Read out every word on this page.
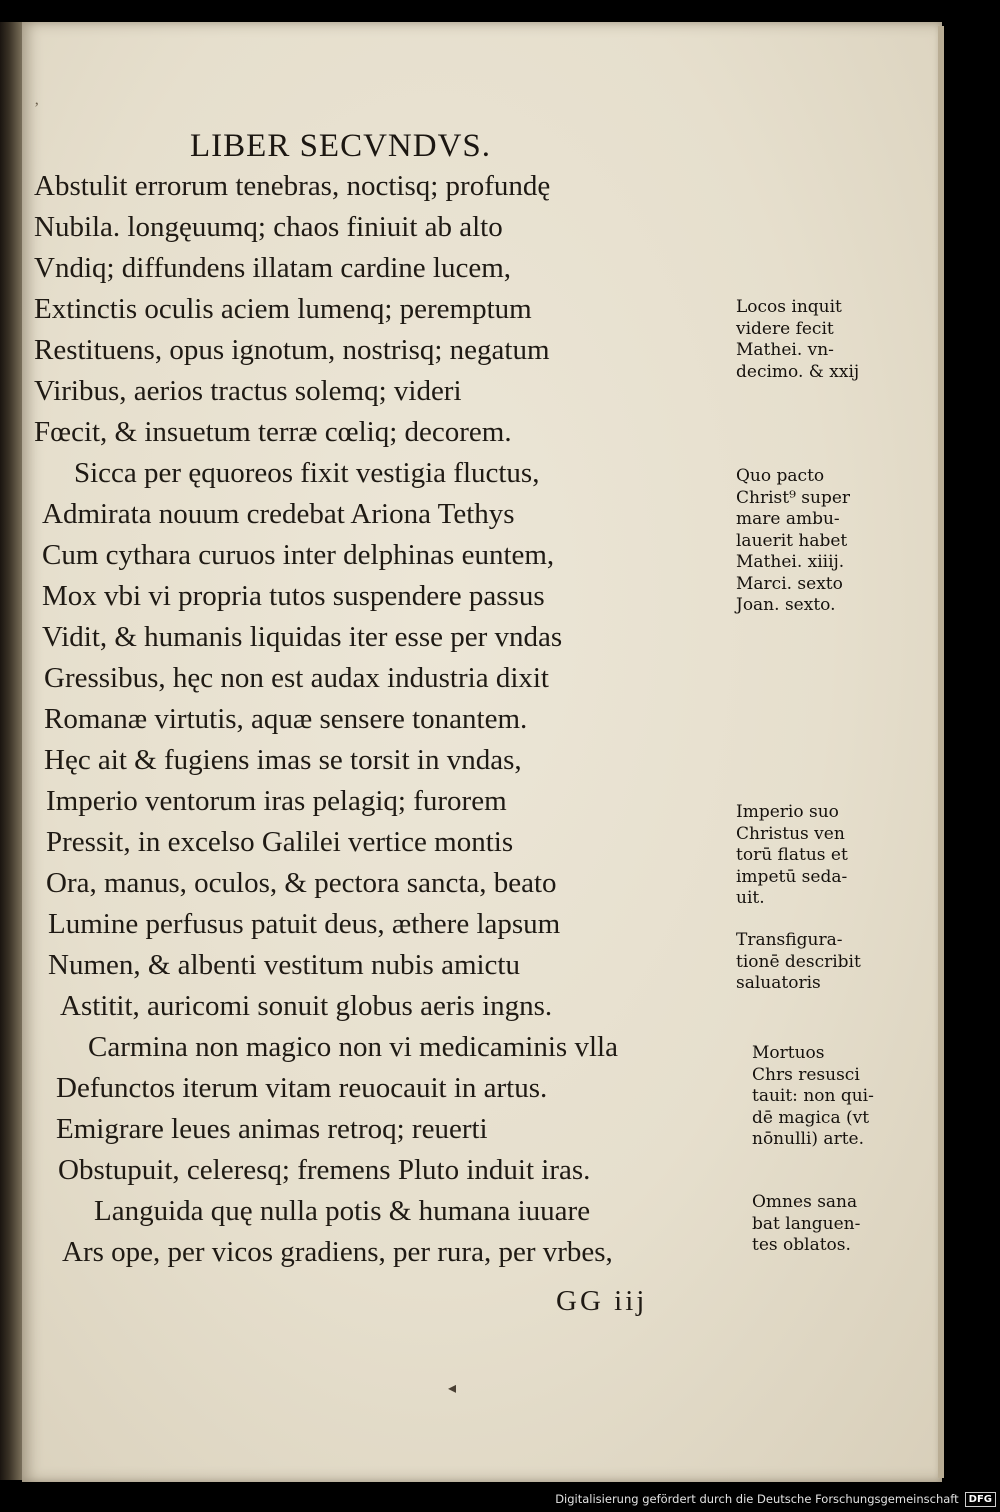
ʼ
LIBER SECVNDVS.

Abstulit errorum tenebras, noctisq; profundę

Nubila. longęuumq; chaos finiuit ab alto

Vndiq; diffundens illatam cardine lucem,

Extinctis oculis aciem lumenq; peremptum

Restituens, opus ignotum, nostrisq; negatum

Viribus, aerios tractus solemq; videri

Fœcit, & insuetum terræ cœliq; decorem.

Sicca per ęquoreos fixit vestigia fluctus,

Admirata nouum credebat Ariona Tethys

Cum cythara curuos inter delphinas euntem,

Mox vbi vi propria tutos suspendere passus

Vidit, & humanis liquidas iter esse per vndas

Gressibus, hęc non est audax industria dixit

Romanæ virtutis, aquæ sensere tonantem.

Hęc ait & fugiens imas se torsit in vndas,

Imperio ventorum iras pelagiq; furorem

Pressit, in excelso Galilei vertice montis

Ora, manus, oculos, & pectora sancta, beato

Lumine perfusus patuit deus, æthere lapsum

Numen, & albenti vestitum nubis amictu

Astitit, auricomi sonuit globus aeris ingns.

Carmina non magico non vi medicaminis vlla

Defunctos iterum vitam reuocauit in artus.

Emigrare leues animas retroq; reuerti

Obstupuit, celeresq; fremens Pluto induit iras.

Languida quę nulla potis & humana iuuare

Ars ope, per vicos gradiens, per rura, per vrbes,

GG iij

Locos inquit
videre fecit
Mathei. vn-
decimo. & xxij
Quo pacto
Christ⁹ super
mare ambu-
lauerit habet
Mathei. xiiij.
Marci. sexto
Joan. sexto.
Imperio suo
Christus ven
torū flatus et
impetū seda-
uit.
Transfigura-
tionē describit
saluatoris
Mortuos
Chrs resusci
tauit: non qui-
dē magica (vt
nōnulli) arte.
Omnes sana
bat languen-
tes oblatos.
◂
Digitalisierung gefördert durch die Deutsche Forschungsgemeinschaft	DFG
